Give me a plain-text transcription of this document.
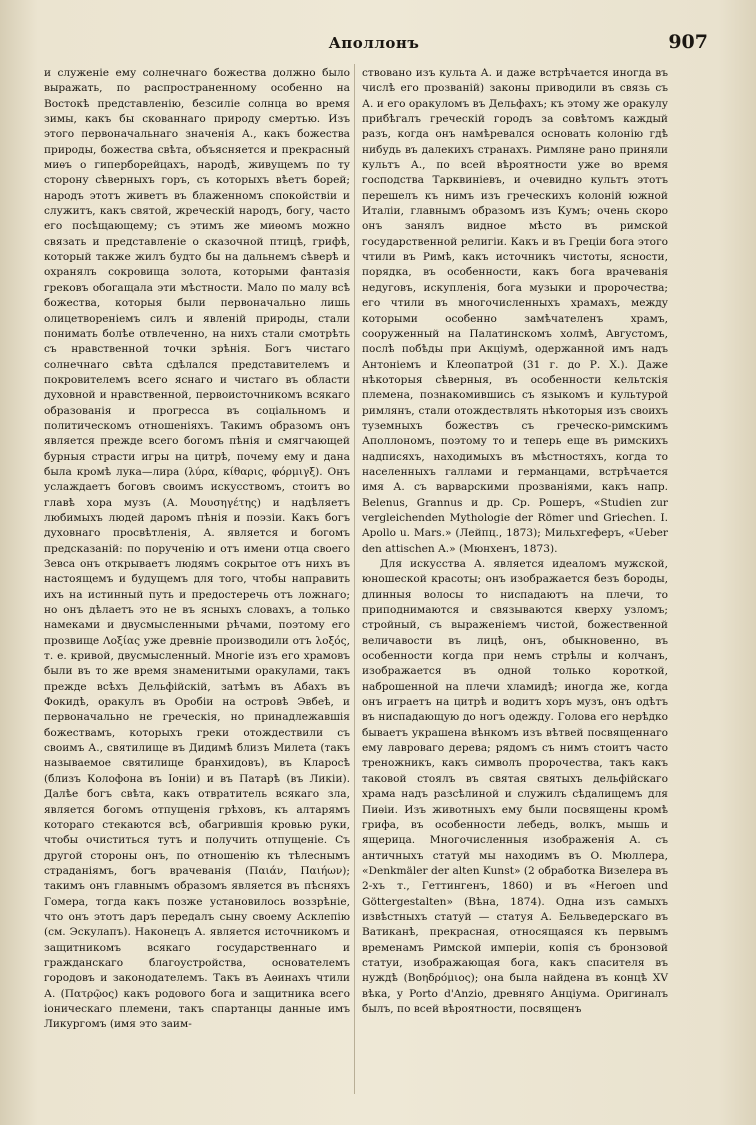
Аполлонъ	907

и служенiе ему солнечнаго божества должно было выражать, по распространенному особенно на Востокѣ представленiю, безсилiе солнца во время зимы, какъ бы скованнаго природу смертью. Изъ этого первоначальнаго значенiя А., какъ божества природы, божества свѣта, объясняется и прекрасный миѳъ о гиперборейцахъ, народѣ, живущемъ по ту сторону сѣверныхъ горъ, съ которыхъ вѣетъ борей; народъ этотъ живетъ въ блаженномъ спокойствiи и служитъ, какъ святой, жреческiй народъ, богу, часто его посѣщающему; съ этимъ же миѳомъ можно связать и представленiе о сказочной птицѣ, грифѣ, который также жилъ будто бы на дальнемъ сѣверѣ и охранялъ сокровища золота, которыми фантазiя грековъ обогащала эти мѣстности. Мало по малу всѣ божества, которыя были первоначально лишь олицетворенiемъ силъ и явленiй природы, стали понимать болѣе отвлеченно, на нихъ стали смотрѣть съ нравственной точки зрѣнiя. Богъ чистаго солнечнаго свѣта сдѣлался представителемъ и покровителемъ всего яснаго и чистаго въ области духовной и нравственной, первоисточникомъ всякаго образованiя и прогресса въ соцiальномъ и политическомъ отношенiяхъ. Такимъ образомъ онъ является прежде всего богомъ пѣнiя и смягчающей бурныя страсти игры на цитрѣ, почему ему и дана была кромѣ лука—лира (λύρα, κίθαρις, φόρμιγξ). Онъ услаждаетъ боговъ своимъ искусствомъ, стоитъ во главѣ хора музъ (А. Μουσηγέτης) и надѣляетъ любимыхъ людей даромъ пѣнiя и поэзiи. Какъ богъ духовнаго просвѣтленiя, А. является и богомъ предсказанiй: по порученiю и отъ имени отца своего Зевса онъ открываетъ людямъ сокрытое отъ нихъ въ настоящемъ и будущемъ для того, чтобы направить ихъ на истинный путь и предостеречь отъ ложнаго; но онъ дѣлаетъ это не въ ясныхъ словахъ, а только намеками и двусмысленными рѣчами, поэтому его прозвище Λοξίας уже древнiе производили отъ λοξός, т. е. кривой, двусмысленный. Многiе изъ его храмовъ были въ то же время знаменитыми оракулами, такъ прежде всѣхъ Дельфiйскiй, затѣмъ въ Абахъ въ Фокидѣ, оракулъ въ Оробiи на островѣ Эвбеѣ, и первоначально не греческiя, но принадлежавшiя божествамъ, которыхъ греки отождествили съ своимъ А., святилище въ Дидимѣ близъ Милета (такъ называемое святилище бранхидовъ), въ Кларосѣ (близъ Колофона въ Iонiи) и въ Патарѣ (въ Ликiи). Далѣе богъ свѣта, какъ отвратитель всякаго зла, является богомъ отпущенiя грѣховъ, къ алтарямъ котораго стекаются всѣ, обагрившiя кровью руки, чтобы очиститься тутъ и получить отпущенiе. Съ другой стороны онъ, по отношенiю къ тѣлеснымъ страданiямъ, богъ врачеванiя (Παιάν, Παιήων); такимъ онъ главнымъ образомъ является въ пѣсняхъ Гомера, тогда какъ позже установилось воззрѣнiе, что онъ этотъ даръ передалъ сыну своему Асклепiю (см. Эскулапъ). Наконецъ А. является источникомъ и защитникомъ всякаго государственнаго и гражданскаго благоустройства, основателемъ городовъ и законодателемъ. Такъ въ Аѳинахъ чтили А. (Πατρῷος) какъ родового бога и защитника всего iоническаго племени, такъ спартанцы данные имъ Ликургомъ (имя это заим-

ствовано изъ культа А. и даже встрѣчается иногда въ числѣ его прозванiй) законы приводили въ связь съ А. и его оракуломъ въ Дельфахъ; къ этому же оракулу прибѣгалъ греческiй городъ за совѣтомъ каждый разъ, когда онъ намѣревался основать колонiю гдѣ нибудь въ далекихъ странахъ. Римляне рано приняли культъ А., по всей вѣроятности уже во время господства Тарквинiевъ, и очевидно культъ этотъ перешелъ къ нимъ изъ греческихъ колонiй южной Италiи, главнымъ образомъ изъ Кумъ; очень скоро онъ занялъ видное мѣсто въ римской государственной религiи. Какъ и въ Грецiи бога этого чтили въ Римѣ, какъ источникъ чистоты, ясности, порядка, въ особенности, какъ бога врачеванiя недуговъ, искупленiя, бога музыки и пророчества; его чтили въ многочисленныхъ храмахъ, между которыми особенно замѣчателенъ храмъ, сооруженный на Палатинскомъ холмѣ, Августомъ, послѣ побѣды при Акцiумѣ, одержанной имъ надъ Антонiемъ и Клеопатрой (31 г. до Р. Х.). Даже нѣкоторыя сѣверныя, въ особенности кельтскiя племена, познакомившись съ языкомъ и культурой римлянъ, стали отождествлять нѣкоторыя изъ своихъ туземныхъ божествъ съ греческо-римскимъ Аполлономъ, поэтому то и теперь еще въ римскихъ надписяхъ, находимыхъ въ мѣстностяхъ, когда то населенныхъ галлами и германцами, встрѣчается имя А. съ варварскими прозванiями, какъ напр. Belenus, Grannus и др. Ср. Рошеръ, «Studien zur vergleichenden Mythologie der Römer und Griechen. I. Apollo u. Mars.» (Лейпц., 1873); Мильхгеферъ, «Ueber den attischen A.» (Мюнхенъ, 1873).

Для искусства А. является идеаломъ мужской, юношеской красоты; онъ изображается безъ бороды, длинныя волосы то ниспадаютъ на плечи, то приподнимаются и связываются кверху узломъ; стройный, съ выраженiемъ чистой, божественной величавости въ лицѣ, онъ, обыкновенно, въ особенности когда при немъ стрѣлы и колчанъ, изображается въ одной только короткой, наброшенной на плечи хламидѣ; иногда же, когда онъ играетъ на цитрѣ и водитъ хоръ музъ, онъ одѣтъ въ ниспадающую до ногъ одежду. Голова его нерѣдко бываетъ украшена вѣнкомъ изъ вѣтвей посвященнаго ему лавроваго дерева; рядомъ съ нимъ стоитъ часто треножникъ, какъ символъ пророчества, такъ какъ таковой стоялъ въ святая святыхъ дельфiйскаго храма надъ разсѣлиной и служилъ сѣдалищемъ для Пиѳiи. Изъ животныхъ ему были посвящены кромѣ грифа, въ особенности лебедь, волкъ, мышь и ящерица. Многочисленныя изображенiя А. съ античныхъ статуй мы находимъ въ О. Мюллера, «Denkmäler der alten Kunst» (2 обработка Визелера въ 2-хъ т., Геттингенъ, 1860) и въ «Heroen und Göttergestalten» (Вѣна, 1874). Одна изъ самыхъ извѣстныхъ статуй — статуя А. Бельведерскаго въ Ватиканѣ, прекрасная, относящаяся къ первымъ временамъ Римской имперiи, копiя съ бронзовой статуи, изображающая бога, какъ спасителя въ нуждѣ (Βοηδρόμιος); она была найдена въ концѣ XV вѣка, у Porto d'Anzio, древняго Анцiума. Оригиналъ былъ, по всей вѣроятности, посвященъ
